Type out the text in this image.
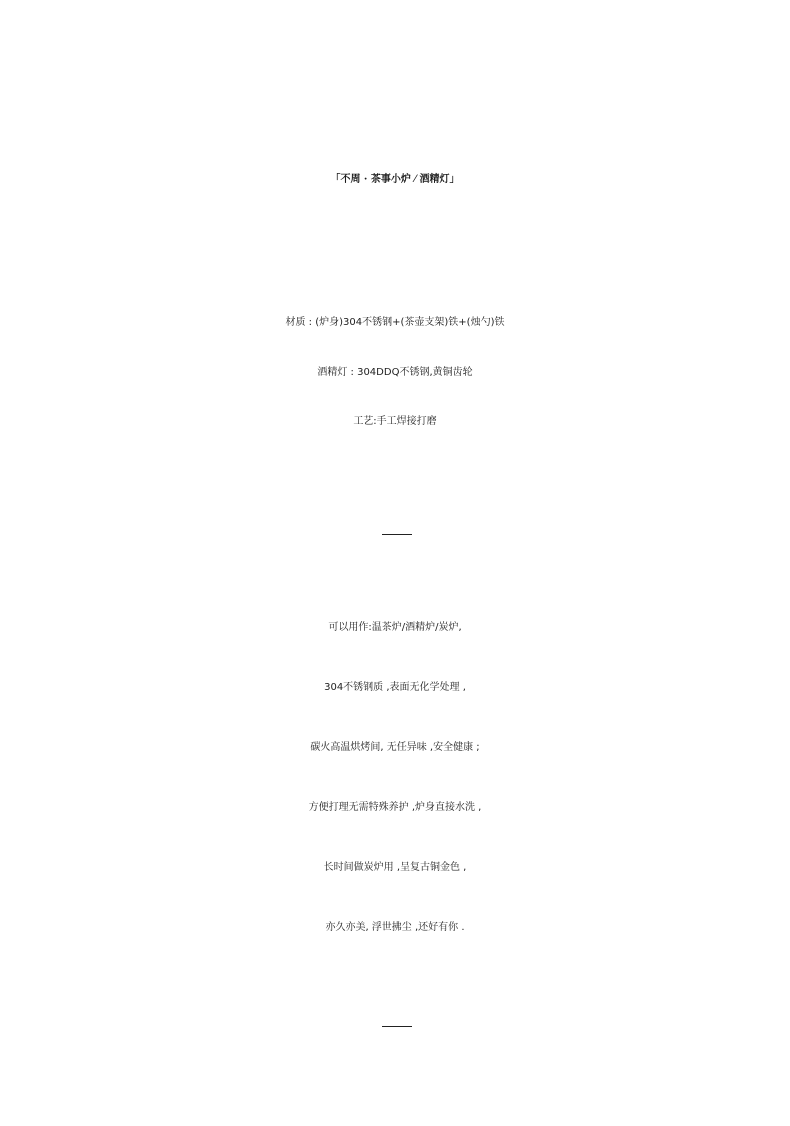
「不周 · 茶事小炉 ⁄ 酒精灯」
材质 : (炉身)304不锈钢+(茶壶支架)铁+(烛勺)铁
酒精灯 : 304DDQ不锈钢,黄铜齿轮
工艺:手工焊接打磨
可以用作:温茶炉/酒精炉/炭炉,
304不锈钢质 ,表面无化学处理 ,
碳火高温烘烤间, 无任异味 ,安全健康 ;
方便打理无需特殊养护 ,炉身直接水洗 ,
长时间做炭炉用 ,呈复古铜金色 ,
亦久亦美, 浮世拂尘 ,还好有你 .
